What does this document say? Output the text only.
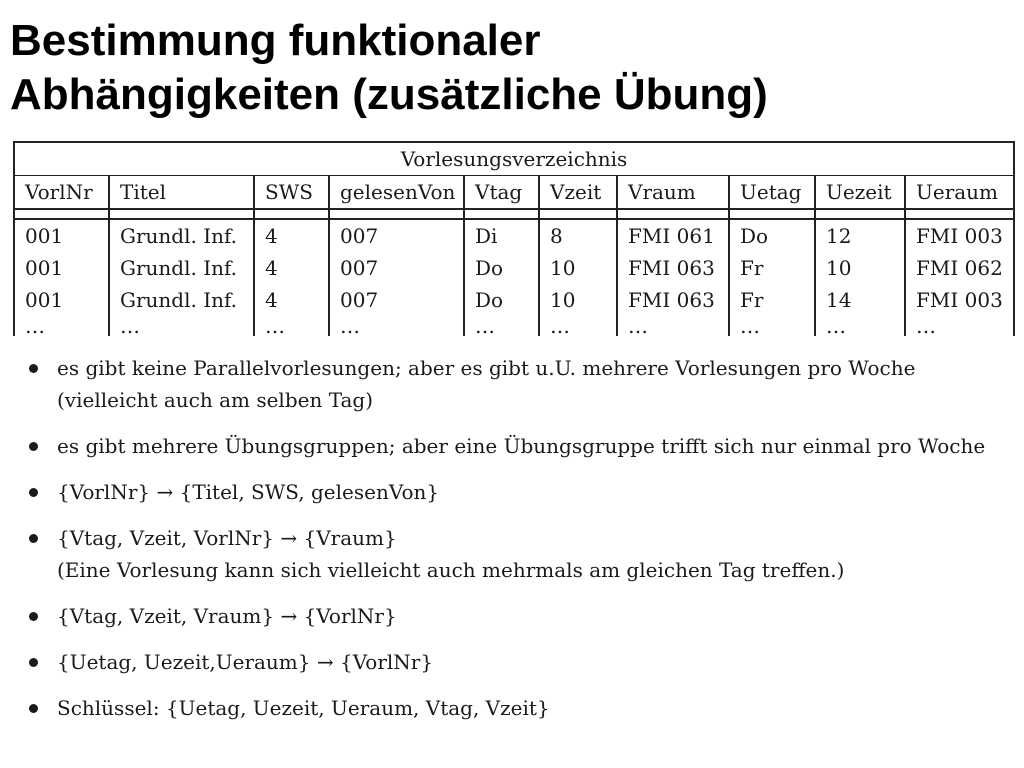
Bestimmung funktionaler
Abhängigkeiten (zusätzliche Übung)
Vorlesungsverzeichnis									
VorlNr	Titel	SWS	gelesenVon	Vtag	Vzeit	Vraum	Uetag	Uezeit	Ueraum

001	Grundl. Inf.	4	007	Di	8	FMI 061	Do	12	FMI 003
001	Grundl. Inf.	4	007	Do	10	FMI 063	Fr	10	FMI 062
001	Grundl. Inf.	4	007	Do	10	FMI 063	Fr	14	FMI 003
…	…	…	…	…	…	…	…	…	…
es gibt keine Parallelvorlesungen; aber es gibt u.U. mehrere Vorlesungen pro Woche
(vielleicht auch am selben Tag)
es gibt mehrere Übungsgruppen; aber eine Übungsgruppe trifft sich nur einmal pro Woche
{VorlNr} → {Titel, SWS, gelesenVon}
{Vtag, Vzeit, VorlNr} → {Vraum}
(Eine Vorlesung kann sich vielleicht auch mehrmals am gleichen Tag treffen.)
{Vtag, Vzeit, Vraum} → {VorlNr}
{Uetag, Uezeit,Ueraum} → {VorlNr}
Schlüssel: {Uetag, Uezeit, Ueraum, Vtag, Vzeit}
